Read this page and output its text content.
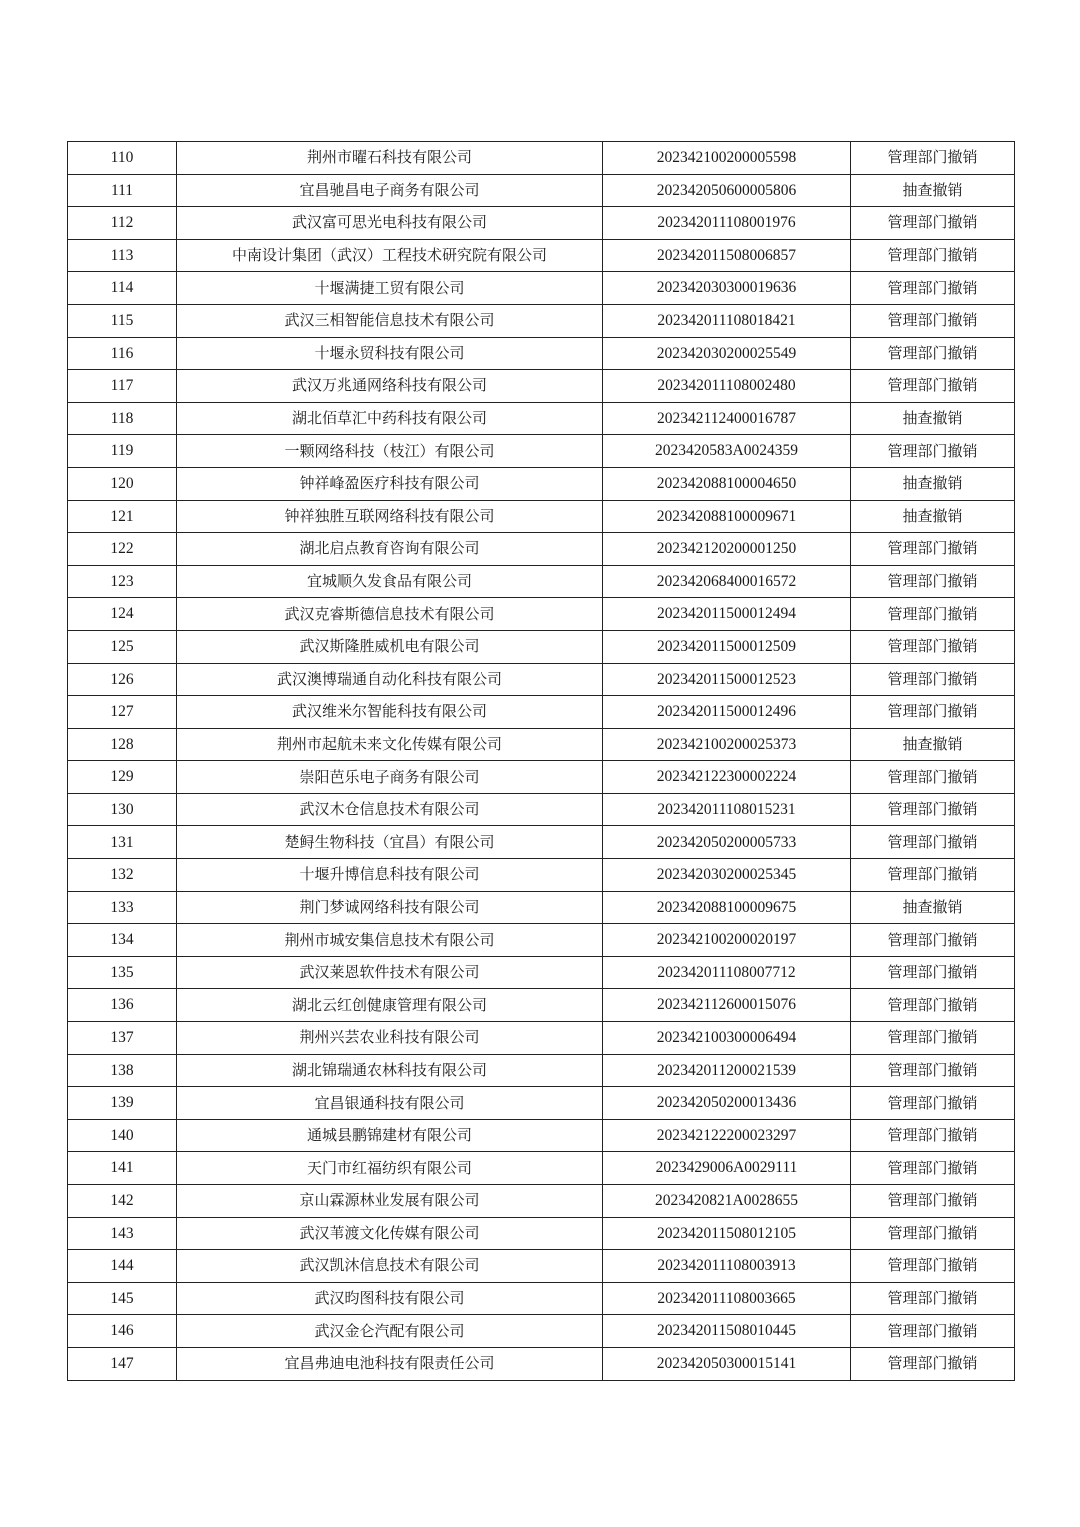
110	荆州市曜石科技有限公司	202342100200005598	管理部门撤销
111	宜昌驰昌电子商务有限公司	202342050600005806	抽查撤销
112	武汉富可思光电科技有限公司	202342011108001976	管理部门撤销
113	中南设计集团（武汉）工程技术研究院有限公司	202342011508006857	管理部门撤销
114	十堰满捷工贸有限公司	202342030300019636	管理部门撤销
115	武汉三相智能信息技术有限公司	202342011108018421	管理部门撤销
116	十堰永贸科技有限公司	202342030200025549	管理部门撤销
117	武汉万兆通网络科技有限公司	202342011108002480	管理部门撤销
118	湖北佰草汇中药科技有限公司	202342112400016787	抽查撤销
119	一颗网络科技（枝江）有限公司	2023420583A0024359	管理部门撤销
120	钟祥峰盈医疗科技有限公司	202342088100004650	抽查撤销
121	钟祥独胜互联网络科技有限公司	202342088100009671	抽查撤销
122	湖北启点教育咨询有限公司	202342120200001250	管理部门撤销
123	宜城顺久发食品有限公司	202342068400016572	管理部门撤销
124	武汉克睿斯德信息技术有限公司	202342011500012494	管理部门撤销
125	武汉斯隆胜威机电有限公司	202342011500012509	管理部门撤销
126	武汉澳博瑞通自动化科技有限公司	202342011500012523	管理部门撤销
127	武汉维米尔智能科技有限公司	202342011500012496	管理部门撤销
128	荆州市起航未来文化传媒有限公司	202342100200025373	抽查撤销
129	崇阳芭乐电子商务有限公司	202342122300002224	管理部门撤销
130	武汉木仓信息技术有限公司	202342011108015231	管理部门撤销
131	楚鲟生物科技（宜昌）有限公司	202342050200005733	管理部门撤销
132	十堰升博信息科技有限公司	202342030200025345	管理部门撤销
133	荆门梦诚网络科技有限公司	202342088100009675	抽查撤销
134	荆州市城安集信息技术有限公司	202342100200020197	管理部门撤销
135	武汉莱恩软件技术有限公司	202342011108007712	管理部门撤销
136	湖北云红创健康管理有限公司	202342112600015076	管理部门撤销
137	荆州兴芸农业科技有限公司	202342100300006494	管理部门撤销
138	湖北锦瑞通农林科技有限公司	202342011200021539	管理部门撤销
139	宜昌银通科技有限公司	202342050200013436	管理部门撤销
140	通城县鹏锦建材有限公司	202342122200023297	管理部门撤销
141	天门市红福纺织有限公司	2023429006A0029111	管理部门撤销
142	京山霖源林业发展有限公司	2023420821A0028655	管理部门撤销
143	武汉苇渡文化传媒有限公司	202342011508012105	管理部门撤销
144	武汉凯沐信息技术有限公司	202342011108003913	管理部门撤销
145	武汉昀图科技有限公司	202342011108003665	管理部门撤销
146	武汉金仑汽配有限公司	202342011508010445	管理部门撤销
147	宜昌弗迪电池科技有限责任公司	202342050300015141	管理部门撤销
